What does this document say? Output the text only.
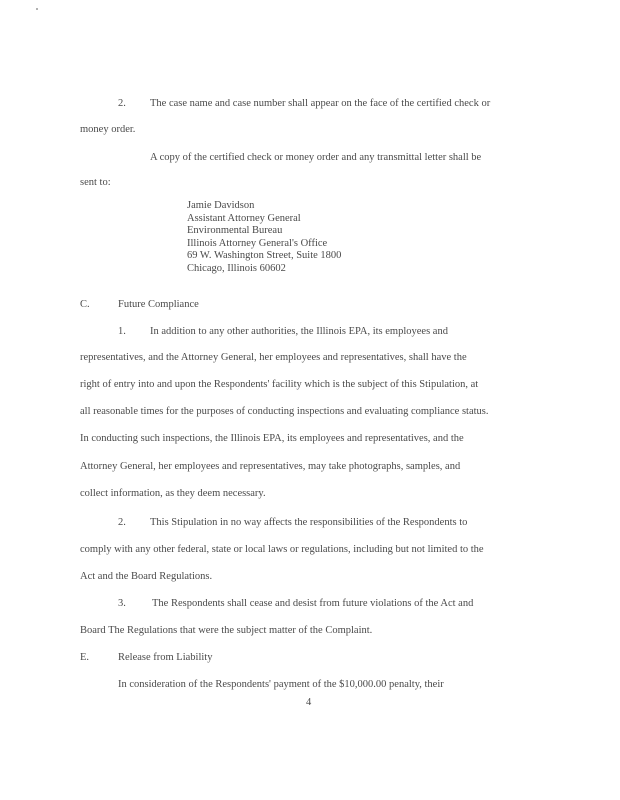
2. The case name and case number shall appear on the face of the certified check or
money order.
A copy of the certified check or money order and any transmittal letter shall be
sent to:
Jamie Davidson
Assistant Attorney General
Environmental Bureau
Illinois Attorney General's Office
69 W. Washington Street, Suite 1800
Chicago, Illinois 60602
C.	Future Compliance
1. In addition to any other authorities, the Illinois EPA, its employees and
representatives, and the Attorney General, her employees and representatives, shall have the
right of entry into and upon the Respondents' facility which is the subject of this Stipulation, at
all reasonable times for the purposes of conducting inspections and evaluating compliance status.
In conducting such inspections, the Illinois EPA, its employees and representatives, and the
Attorney General, her employees and representatives, may take photographs, samples, and
collect information, as they deem necessary.
2. This Stipulation in no way affects the responsibilities of the Respondents to
comply with any other federal, state or local laws or regulations, including but not limited to the
Act and the Board Regulations.
3. The Respondents shall cease and desist from future violations of the Act and
Board The Regulations that were the subject matter of the Complaint.
E.	Release from Liability
In consideration of the Respondents' payment of the $10,000.00 penalty, their
4
